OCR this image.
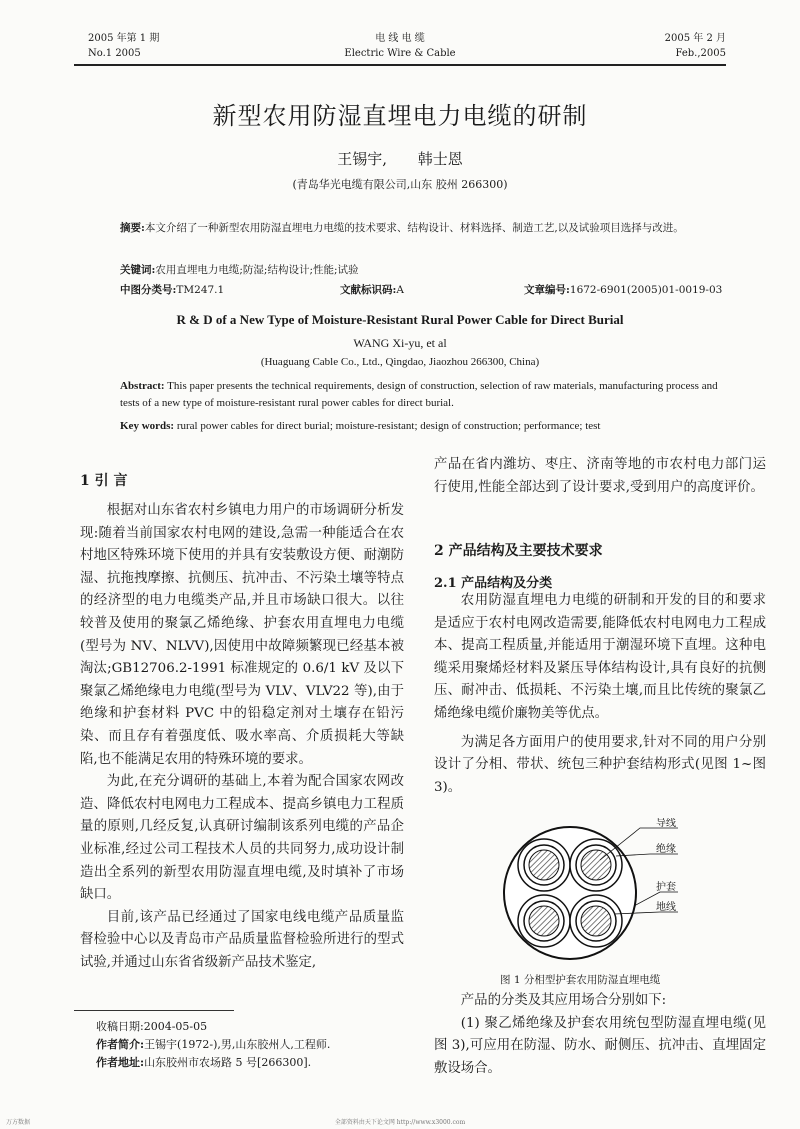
2005 年第 1 期
No.1 2005
电 线 电 缆
Electric Wire & Cable
2005 年 2 月
Feb.,2005
新型农用防湿直埋电力电缆的研制
王锡宇, 韩士恩
(青岛华光电缆有限公司,山东 胶州 266300)
摘要:本文介绍了一种新型农用防湿直埋电力电缆的技术要求、结构设计、材料选择、制造工艺,以及试验项目选择与改进。
关键词:农用直埋电力电缆;防湿;结构设计;性能;试验
中图分类号:TM247.1	文献标识码:A	文章编号:1672-6901(2005)01-0019-03
R & D of a New Type of Moisture-Resistant Rural Power Cable for Direct Burial
WANG Xi-yu, et al
(Huaguang Cable Co., Ltd., Qingdao, Jiaozhou 266300, China)
Abstract: This paper presents the technical requirements, design of construction, selection of raw materials, manufacturing process and tests of a new type of moisture-resistant rural power cables for direct burial.
Key words: rural power cables for direct burial; moisture-resistant; design of construction; performance; test
1 引 言

根据对山东省农村乡镇电力用户的市场调研分析发现:随着当前国家农村电网的建设,急需一种能适合在农村地区特殊环境下使用的并具有安装敷设方便、耐潮防湿、抗拖拽摩擦、抗侧压、抗冲击、不污染土壤等特点的经济型的电力电缆类产品,并且市场缺口很大。以往较普及使用的聚氯乙烯绝缘、护套农用直埋电力电缆(型号为 NV、NLVV),因使用中故障频繁现已经基本被淘汰;GB12706.2-1991 标准规定的 0.6/1 kV 及以下聚氯乙烯绝缘电力电缆(型号为 VLV、VLV22 等),由于绝缘和护套材料 PVC 中的铅稳定剂对土壤存在铅污染、而且存有着强度低、吸水率高、介质损耗大等缺陷,也不能满足农用的特殊环境的要求。

为此,在充分调研的基础上,本着为配合国家农网改造、降低农村电网电力工程成本、提高乡镇电力工程质量的原则,几经反复,认真研讨编制该系列电缆的产品企业标准,经过公司工程技术人员的共同努力,成功设计制造出全系列的新型农用防湿直埋电缆,及时填补了市场缺口。

目前,该产品已经通过了国家电线电缆产品质量监督检验中心以及青岛市产品质量监督检验所进行的型式试验,并通过山东省省级新产品技术鉴定,

收稿日期:2004-05-05
作者简介:王锡宇(1972-),男,山东胶州人,工程师.
作者地址:山东胶州市农场路 5 号[266300].

产品在省内潍坊、枣庄、济南等地的市农村电力部门运行使用,性能全部达到了设计要求,受到用户的高度评价。

2 产品结构及主要技术要求
2.1 产品结构及分类

农用防湿直埋电力电缆的研制和开发的目的和要求是适应于农村电网改造需要,能降低农村电网电力工程成本、提高工程质量,并能适用于潮湿环境下直埋。这种电缆采用聚烯烃材料及紧压导体结构设计,具有良好的抗侧压、耐冲击、低损耗、不污染土壤,而且比传统的聚氯乙烯绝缘电缆价廉物美等优点。

为满足各方面用户的使用要求,针对不同的用户分别设计了分相、带状、统包三种护套结构形式(见图 1~图 3)。

导线
绝缘
护套
地线
图 1 分相型护套农用防湿直埋电缆

产品的分类及其应用场合分别如下:

(1) 聚乙烯绝缘及护套农用统包型防湿直埋电缆(见图 3),可应用在防湿、防水、耐侧压、抗冲击、直埋固定敷设场合。

万方数据	全部资料由天下论文网 http://www.x3000.com
